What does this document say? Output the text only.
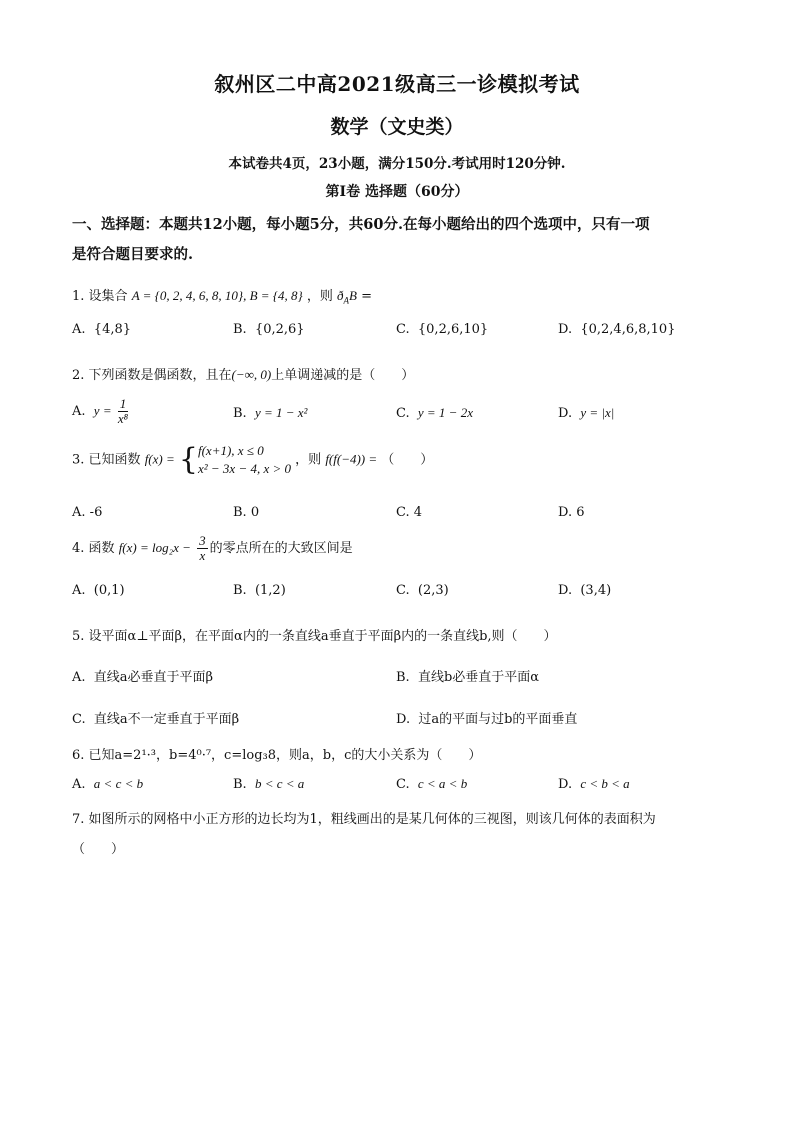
叙州区二中高2021级高三一诊模拟考试
数学（文史类）
本试卷共4页，23小题，满分150分.考试用时120分钟.
第Ⅰ卷 选择题（60分）
一、选择题：本题共12小题，每小题5分，共60分.在每小题给出的四个选项中，只有一项
是符合题目要求的.
1. 设集合 A = {0, 2, 4, 6, 8, 10}, B = {4, 8} ，则 $ð_AB$ =
A. {4,8}	B. {0,2,6}	C. {0,2,6,10}	D. {0,2,4,6,8,10}
2. 下列函数是偶函数，且在(−∞, 0)上单调递减的是（　　）
A. $y = \frac{1}{\text{x⁸}}$	B. y = 1 − x²	C. y = 1 − 2x	D. y = |x|
3. 已知函数 f(x) = { f(x+1), x ≤ 0
x² − 3x − 4, x > 0
，则 f(f(−4)) = （　　）
A. -6	B. 0	C. 4	D. 6
4. 函数 $f(x) = \log_2x - \frac{3}{x}$ 的零点所在的大致区间是
A. (0,1)	B. (1,2)	C. (2,3)	D. (3,4)
5. 设平面α⊥平面β，在平面α内的一条直线a垂直于平面β内的一条直线b,则（　　）
A. 直线a必垂直于平面β	B. 直线b必垂直于平面α
C. 直线a不一定垂直于平面β	D. 过a的平面与过b的平面垂直
6. 已知a=2¹·³，b=4⁰·⁷，c=log₃8，则a，b，c的大小关系为（　　）
A. a < c < b	B. b < c < a	C. c < a < b	D. c < b < a
7. 如图所示的网格中小正方形的边长均为1，粗线画出的是某几何体的三视图，则该几何体的表面积为
（　　）
